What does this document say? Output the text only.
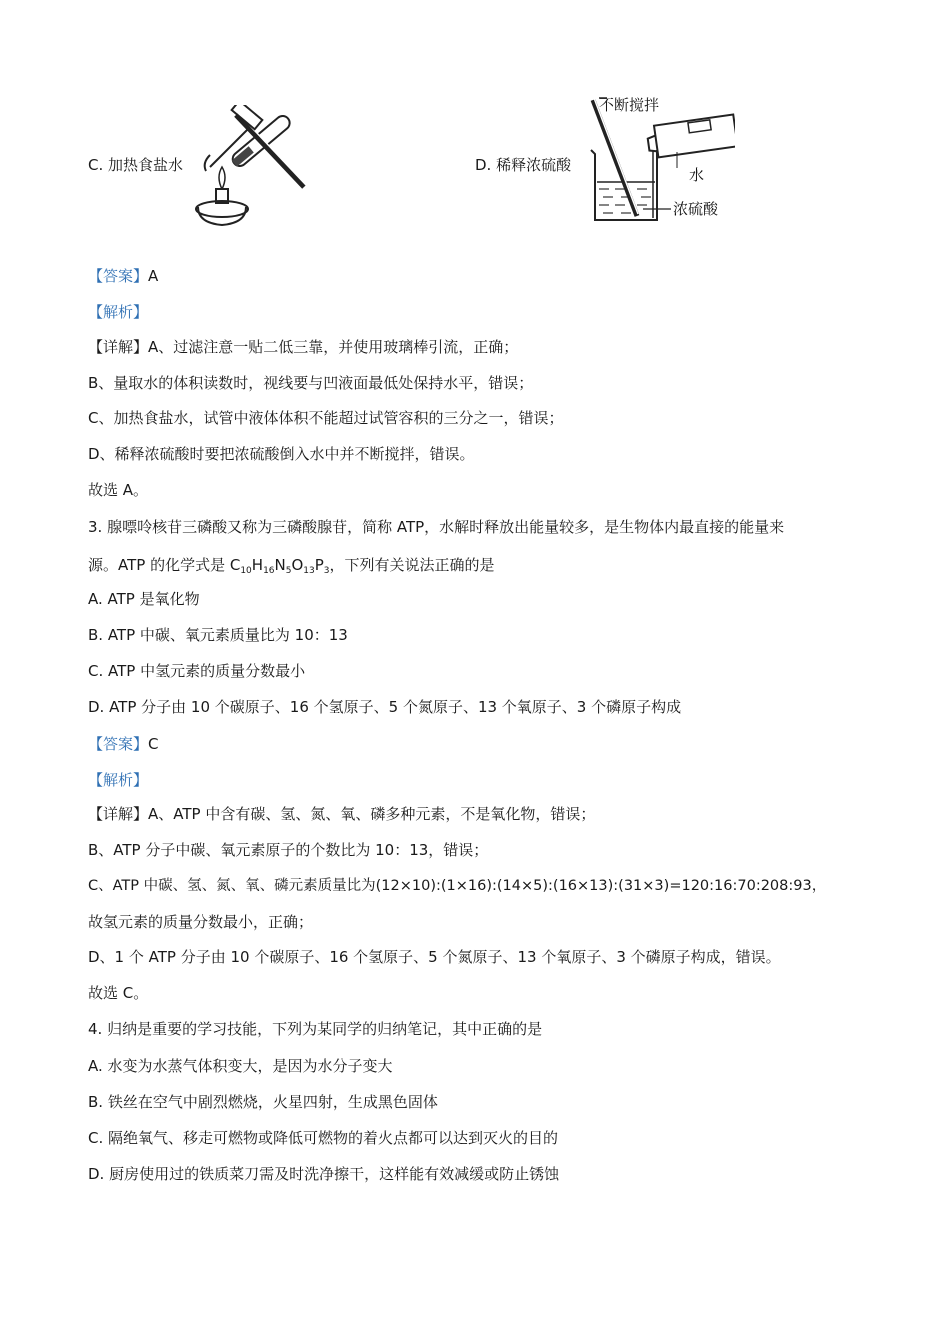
C. 加热食盐水	D. 稀释浓硫酸
不断搅拌
水
浓硫酸
【答案】A
【解析】
【详解】A、过滤注意一贴二低三靠，并使用玻璃棒引流，正确；
B、量取水的体积读数时，视线要与凹液面最低处保持水平，错误；
C、加热食盐水，试管中液体体积不能超过试管容积的三分之一，错误；
D、稀释浓硫酸时要把浓硫酸倒入水中并不断搅拌，错误。
故选 A。
3. 腺嘌呤核苷三磷酸又称为三磷酸腺苷，简称 ATP，水解时释放出能量较多，是生物体内最直接的能量来
源。ATP 的化学式是 $C_{10}H_{16}N_5O_{13}P_3$，下列有关说法正确的是
A. ATP 是氧化物
B. ATP 中碳、氧元素质量比为 10：13
C. ATP 中氢元素的质量分数最小
D. ATP 分子由 10 个碳原子、16 个氢原子、5 个氮原子、13 个氧原子、3 个磷原子构成
【答案】C
【解析】
【详解】A、ATP 中含有碳、氢、氮、氧、磷多种元素，不是氧化物，错误；
B、ATP 分子中碳、氧元素原子的个数比为 10：13，错误；
C、ATP 中碳、氢、氮、氧、磷元素质量比为(12×10):(1×16):(14×5):(16×13):(31×3)=120:16:70:208:93，
故氢元素的质量分数最小，正确；
D、1 个 ATP 分子由 10 个碳原子、16 个氢原子、5 个氮原子、13 个氧原子、3 个磷原子构成，错误。
故选 C。
4. 归纳是重要的学习技能，下列为某同学的归纳笔记，其中正确的是
A. 水变为水蒸气体积变大，是因为水分子变大
B. 铁丝在空气中剧烈燃烧，火星四射，生成黑色固体
C. 隔绝氧气、移走可燃物或降低可燃物的着火点都可以达到灭火的目的
D. 厨房使用过的铁质菜刀需及时洗净擦干，这样能有效减缓或防止锈蚀
